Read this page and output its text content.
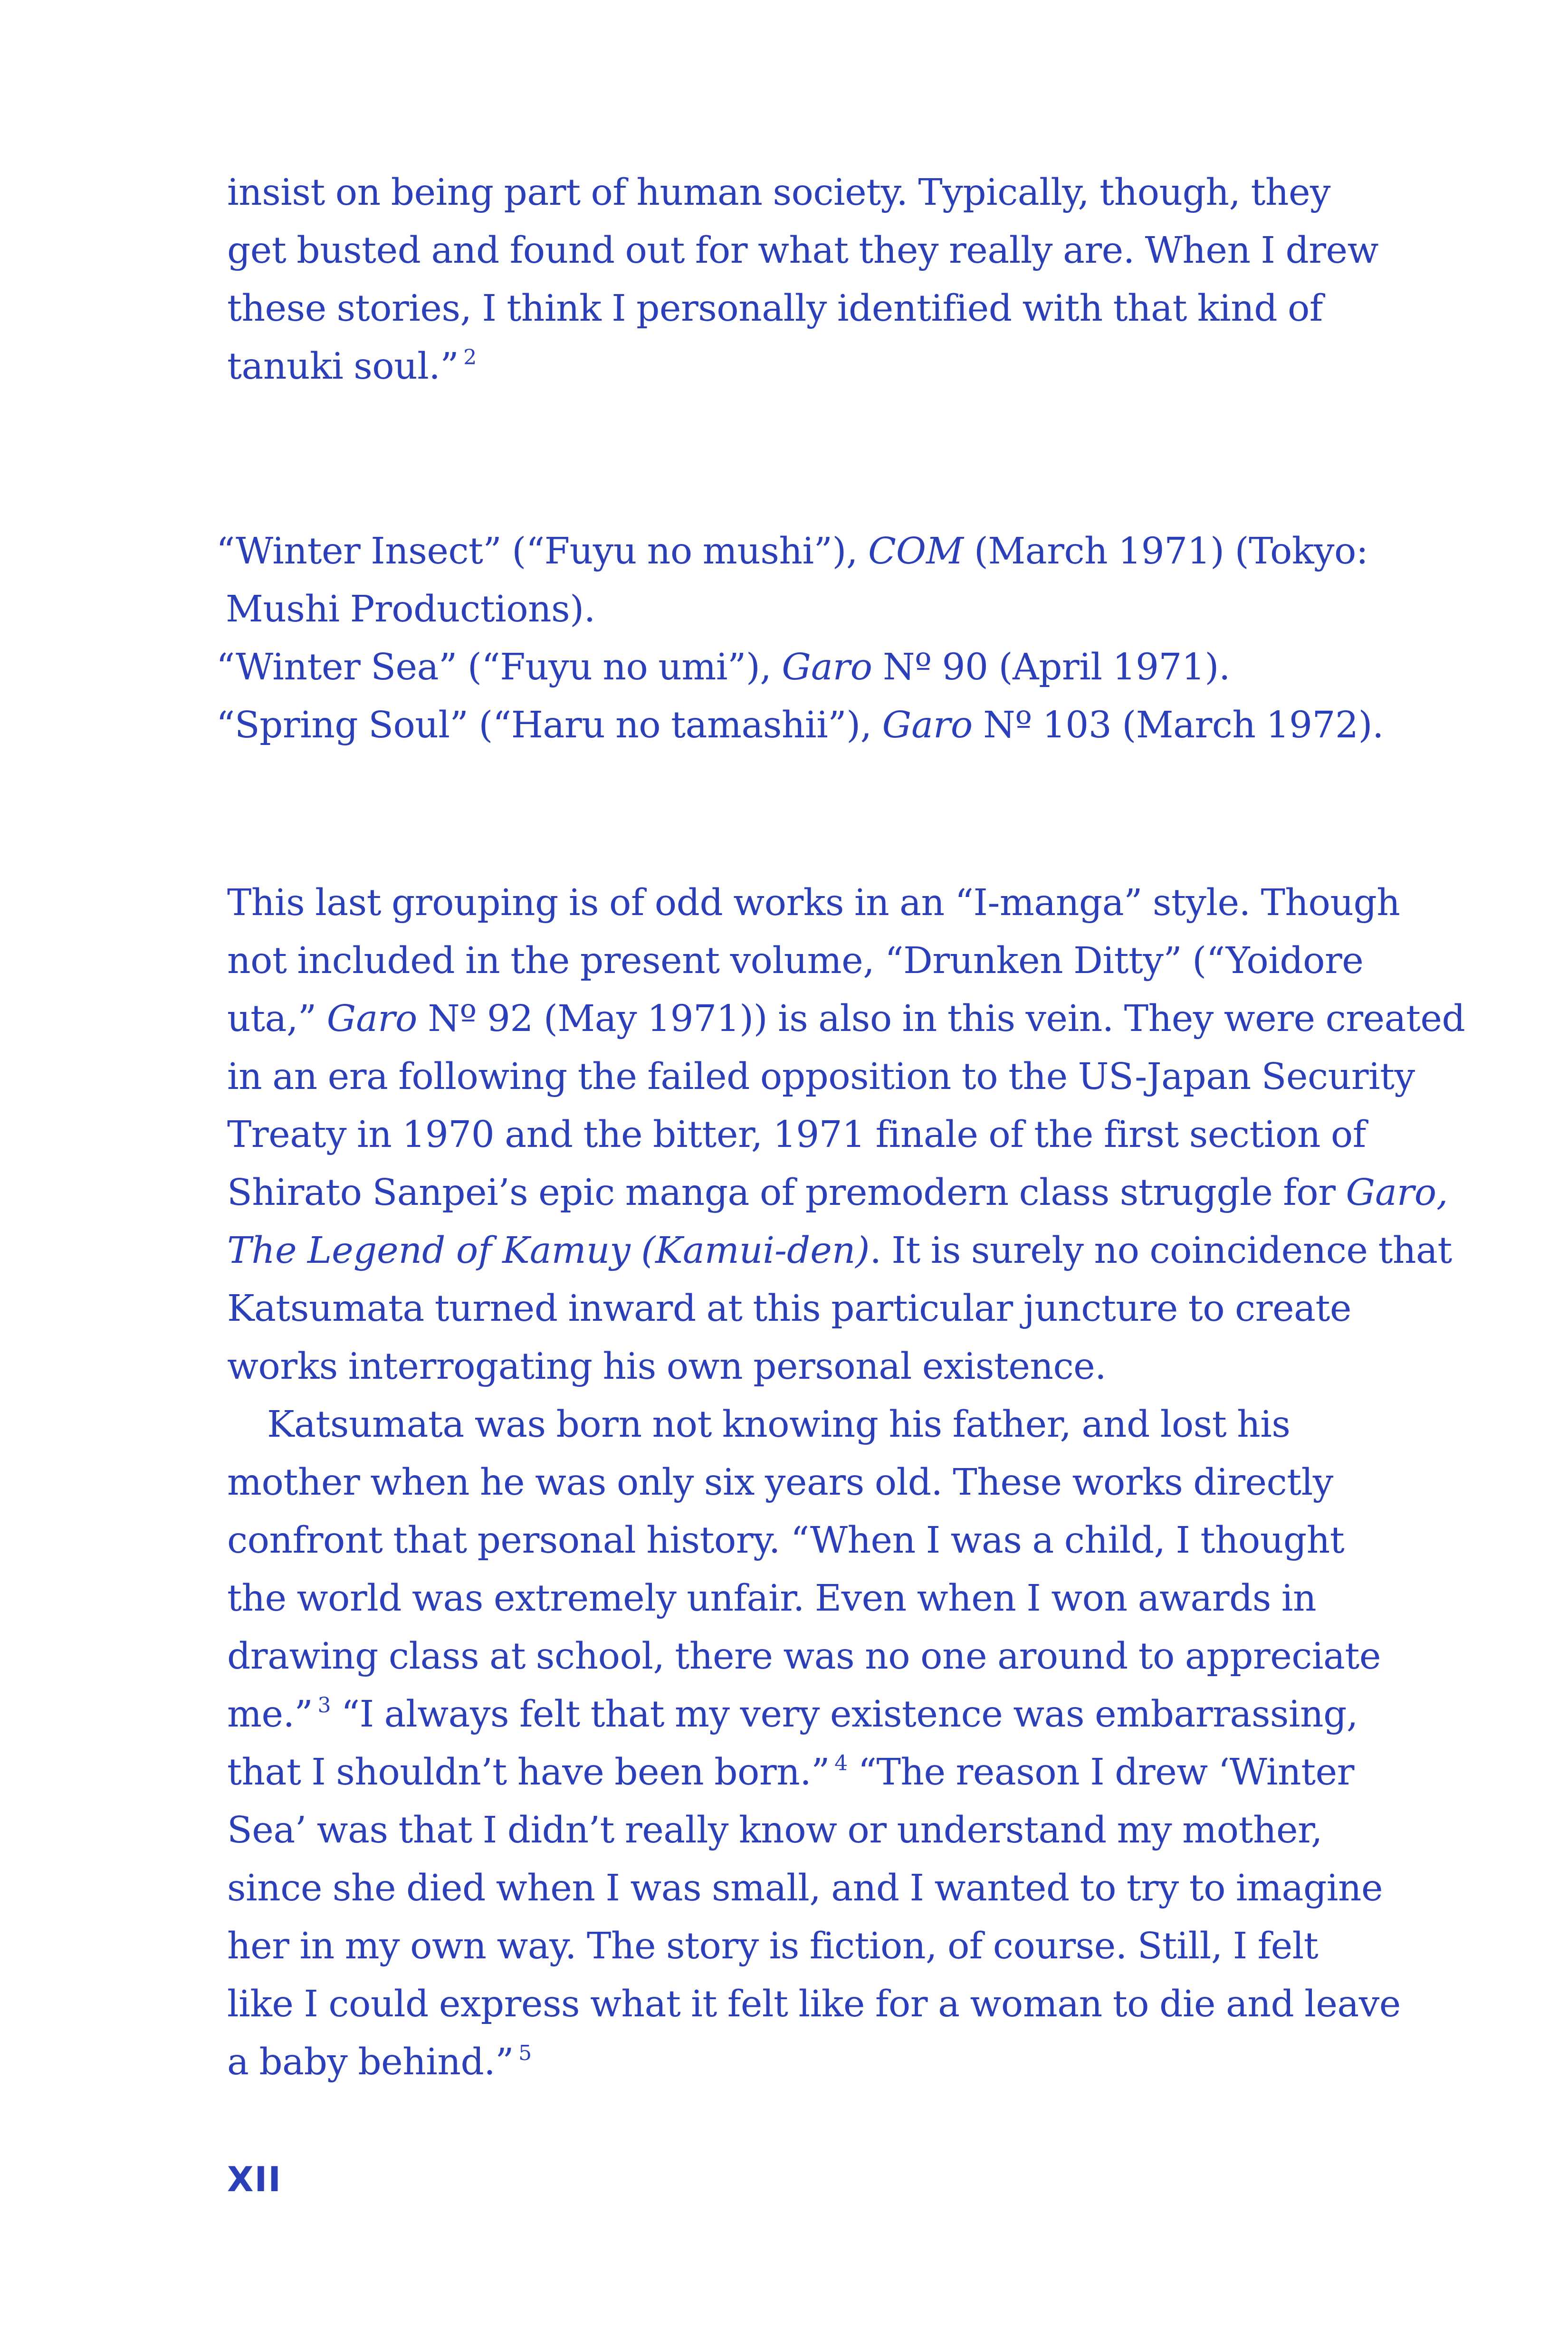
insist on being part of human society. Typically, though, they
get busted and found out for what they really are. When I drew
these stories, I think I personally identified with that kind of
tanuki soul.” $^2$
“Winter Insect” (“Fuyu no mushi”), COM (March 1971) (Tokyo:
Mushi Productions).
“Winter Sea” (“Fuyu no umi”), Garo Nº 90 (April 1971).
“Spring Soul” (“Haru no tamashii”), Garo Nº 103 (March 1972).
This last grouping is of odd works in an “I-manga” style. Though
not included in the present volume, “Drunken Ditty” (“Yoidore
uta,” Garo Nº 92 (May 1971)) is also in this vein. They were created
in an era following the failed opposition to the US-Japan Security
Treaty in 1970 and the bitter, 1971 finale of the first section of
Shirato Sanpei’s epic manga of premodern class struggle for Garo,
The Legend of Kamuy (Kamui-den). It is surely no coincidence that
Katsumata turned inward at this particular juncture to create
works interrogating his own personal existence.
Katsumata was born not knowing his father, and lost his
mother when he was only six years old. These works directly
confront that personal history. “When I was a child, I thought
the world was extremely unfair. Even when I won awards in
drawing class at school, there was no one around to appreciate
me.” $^3$ “I always felt that my very existence was embarrassing,
that I shouldn’t have been born.” $^4$ “The reason I drew ‘Winter
Sea’ was that I didn’t really know or understand my mother,
since she died when I was small, and I wanted to try to imagine
her in my own way. The story is fiction, of course. Still, I felt
like I could express what it felt like for a woman to die and leave
a baby behind.” $^5$
XII
